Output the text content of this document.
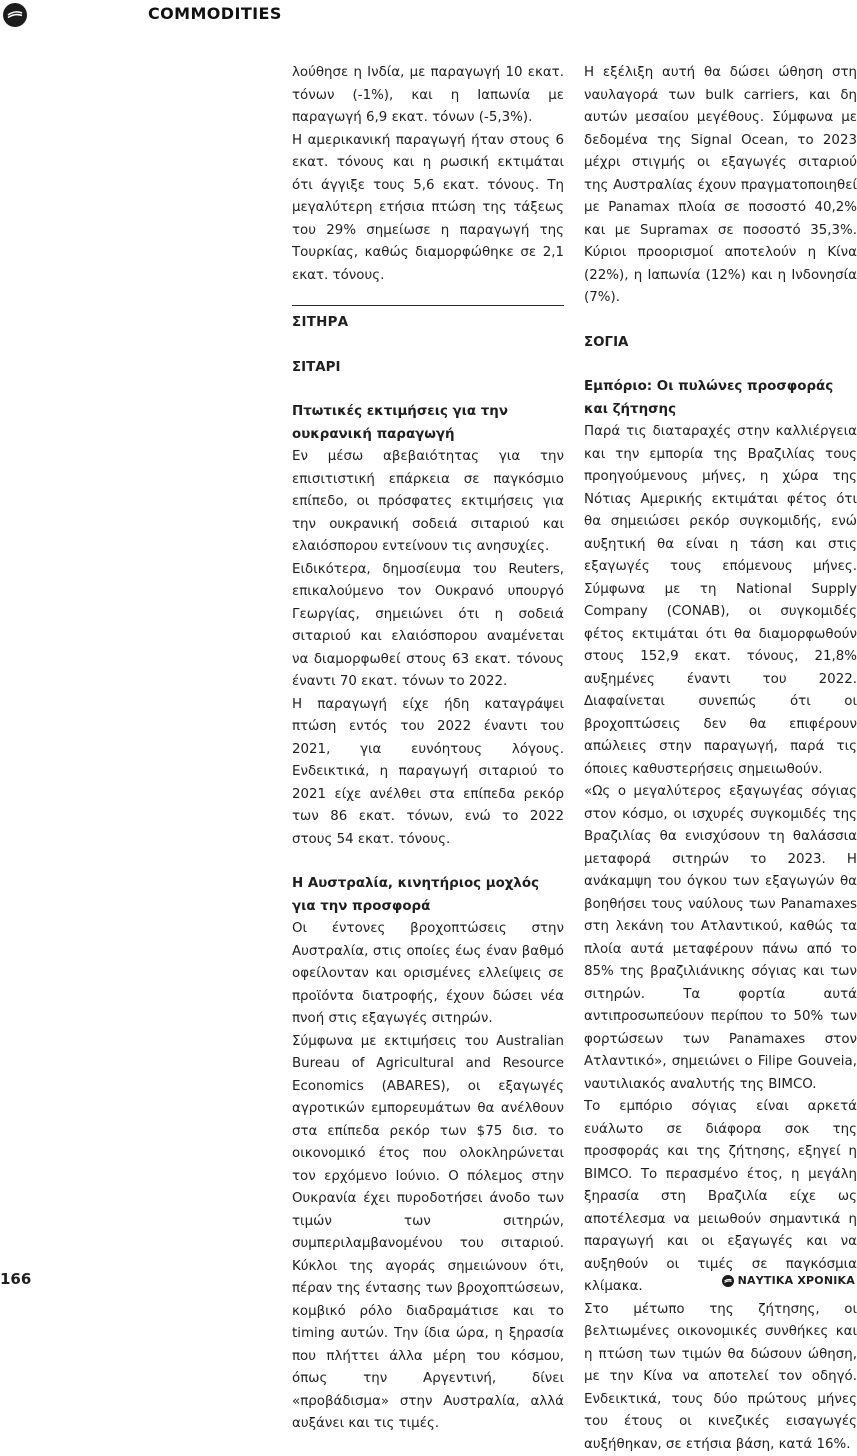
COMMODITIES

λούθησε η Ινδία, με παραγωγή 10 εκατ. τόνων (-1%), και η Ιαπωνία με παραγωγή 6,9 εκατ. τόνων (-5,3%).

Η αμερικανική παραγωγή ήταν στους 6 εκατ. τόνους και η ρωσική εκτιμάται ότι άγγιξε τους 5,6 εκατ. τόνους. Τη μεγαλύτερη ετήσια πτώση της τάξεως του 29% σημείωσε η παραγωγή της Τουρκίας, καθώς διαμορφώθηκε σε 2,1 εκατ. τόνους.

ΣΙΤΗΡΑ

ΣΙΤΑΡΙ

Πτωτικές εκτιμήσεις για την ουκρανική παραγωγή

Εν μέσω αβεβαιότητας για την επισιτιστική επάρκεια σε παγκόσμιο επίπεδο, οι πρόσφατες εκτιμήσεις για την ουκρανική σοδειά σιταριού και ελαιόσπορου εντείνουν τις ανησυχίες.

Ειδικότερα, δημοσίευμα του Reuters, επικαλούμενο τον Ουκρανό υπουργό Γεωργίας, σημειώνει ότι η σοδειά σιταριού και ελαιόσπορου αναμένεται να διαμορφωθεί στους 63 εκατ. τόνους έναντι 70 εκατ. τόνων το 2022.

Η παραγωγή είχε ήδη καταγράψει πτώση εντός του 2022 έναντι του 2021, για ευνόητους λόγους. Ενδεικτικά, η παραγωγή σιταριού το 2021 είχε ανέλθει στα επίπεδα ρεκόρ των 86 εκατ. τόνων, ενώ το 2022 στους 54 εκατ. τόνους.

Η Αυστραλία, κινητήριος μοχλός για την προσφορά

Οι έντονες βροχοπτώσεις στην Αυστραλία, στις οποίες έως έναν βαθμό οφείλονταν και ορισμένες ελλείψεις σε προϊόντα διατροφής, έχουν δώσει νέα πνοή στις εξαγωγές σιτηρών.

Σύμφωνα με εκτιμήσεις του Australian Bureau of Agricultural and Resource Economics (ABARES), οι εξαγωγές αγροτικών εμπορευμάτων θα ανέλθουν στα επίπεδα ρεκόρ των $75 δισ. το οικονομικό έτος που ολοκληρώνεται τον ερχόμενο Ιούνιο. Ο πόλεμος στην Ουκρανία έχει πυροδοτήσει άνοδο των τιμών των σιτηρών, συμπεριλαμβανομένου του σιταριού. Κύκλοι της αγοράς σημειώνουν ότι, πέραν της έντασης των βροχοπτώσεων, κομβικό ρόλο διαδραμάτισε και το timing αυτών. Την ίδια ώρα, η ξηρασία που πλήττει άλλα μέρη του κόσμου, όπως την Αργεντινή, δίνει «προβάδισμα» στην Αυστραλία, αλλά αυξάνει και τις τιμές.

Η εξέλιξη αυτή θα δώσει ώθηση στη ναυλαγορά των bulk carriers, και δη αυτών μεσαίου μεγέθους. Σύμφωνα με δεδομένα της Signal Ocean, το 2023 μέχρι στιγμής οι εξαγωγές σιταριού της Αυστραλίας έχουν πραγματοποιηθεί με Panamax πλοία σε ποσοστό 40,2% και με Supramax σε ποσοστό 35,3%. Κύριοι προορισμοί αποτελούν η Κίνα (22%), η Ιαπωνία (12%) και η Ινδονησία (7%).

ΣΟΓΙΑ

Εμπόριο: Οι πυλώνες προσφοράς και ζήτησης

Παρά τις διαταραχές στην καλλιέργεια και την εμπορία της Βραζιλίας τους προηγούμενους μήνες, η χώρα της Νότιας Αμερικής εκτιμάται φέτος ότι θα σημειώσει ρεκόρ συγκομιδής, ενώ αυξητική θα είναι η τάση και στις εξαγωγές τους επόμενους μήνες. Σύμφωνα με τη National Supply Company (CONAB), οι συγκομιδές φέτος εκτιμάται ότι θα διαμορφωθούν στους 152,9 εκατ. τόνους, 21,8% αυξημένες έναντι του 2022. Διαφαίνεται συνεπώς ότι οι βροχοπτώσεις δεν θα επιφέρουν απώλειες στην παραγωγή, παρά τις όποιες καθυστερήσεις σημειωθούν.

«Ως ο μεγαλύτερος εξαγωγέας σόγιας στον κόσμο, οι ισχυρές συγκομιδές της Βραζιλίας θα ενισχύσουν τη θαλάσσια μεταφορά σιτηρών το 2023. Η ανάκαμψη του όγκου των εξαγωγών θα βοηθήσει τους ναύλους των Panamaxes στη λεκάνη του Ατλαντικού, καθώς τα πλοία αυτά μεταφέρουν πάνω από το 85% της βραζιλιάνικης σόγιας και των σιτηρών. Τα φορτία αυτά αντιπροσωπεύουν περίπου το 50% των φορτώσεων των Panamaxes στον Ατλαντικό», σημειώνει ο Filipe Gouveia, ναυτιλιακός αναλυτής της BIMCO.

Το εμπόριο σόγιας είναι αρκετά ευάλωτο σε διάφορα σοκ της προσφοράς και της ζήτησης, εξηγεί η BIMCO. Το περασμένο έτος, η μεγάλη ξηρασία στη Βραζιλία είχε ως αποτέλεσμα να μειωθούν σημαντικά η παραγωγή και οι εξαγωγές και να αυξηθούν οι τιμές σε παγκόσμια κλίμακα.

Στο μέτωπο της ζήτησης, οι βελτιωμένες οικονομικές συνθήκες και η πτώση των τιμών θα δώσουν ώθηση, με την Κίνα να αποτελεί τον οδηγό. Ενδεικτικά, τους δύο πρώτους μήνες του έτους οι κινεζικές εισαγωγές αυξήθηκαν, σε ετήσια βάση, κατά 16%.

166	ΝΑΥΤΙΚΑ ΧΡΟΝΙΚΑ
